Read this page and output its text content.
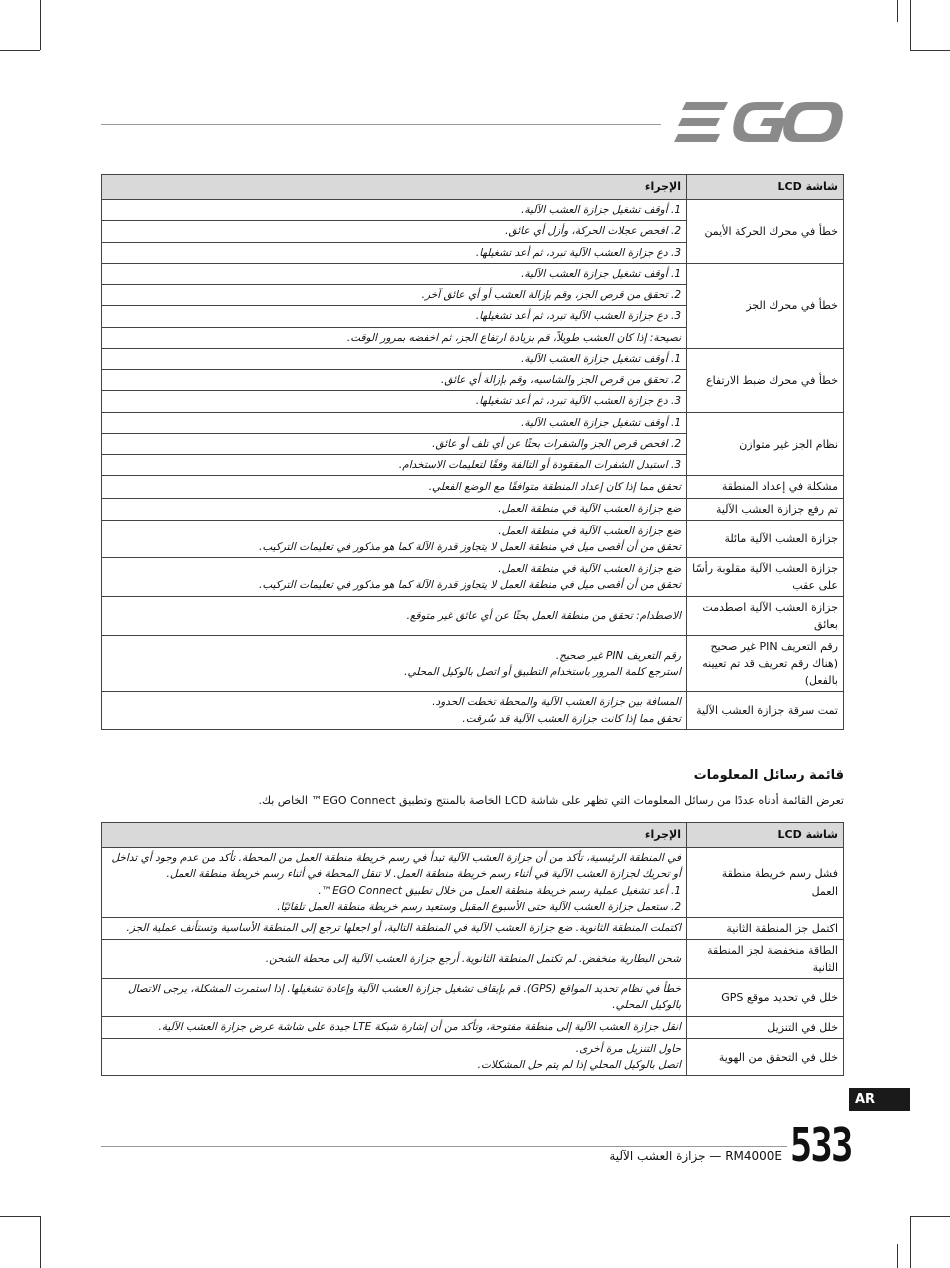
شاشة LCD	الإجراء
خطأ في محرك الحركة الأيمن	1. أوقف تشغيل جزازة العشب الآلية.
	2. افحص عجلات الحركة، وأزل أي عائق.
	3. دع جزازة العشب الآلية تبرد، ثم أعد تشغيلها.
خطأ في محرك الجز	1. أوقف تشغيل جزازة العشب الآلية.
	2. تحقق من قرص الجز، وقم بإزالة العشب أو أي عائق آخر.
	3. دع جزازة العشب الآلية تبرد، ثم أعد تشغيلها.
	نصيحة: إذا كان العشب طويلاً، قم بزيادة ارتفاع الجز، ثم اخفضه بمرور الوقت.
خطأ في محرك ضبط الارتفاع	1. أوقف تشغيل جزازة العشب الآلية.
	2. تحقق من قرص الجز والشاسيه، وقم بإزالة أي عائق.
	3. دع جزازة العشب الآلية تبرد، ثم أعد تشغيلها.
نظام الجز غير متوازن	1. أوقف تشغيل جزازة العشب الآلية.
	2. افحص قرص الجز والشفرات بحثًا عن أي تلف أو عائق.
	3. استبدل الشفرات المفقودة أو التالفة وفقًا لتعليمات الاستخدام.
مشكلة في إعداد المنطقة	تحقق مما إذا كان إعداد المنطقة متوافقًا مع الوضع الفعلي.
تم رفع جزازة العشب الآلية	ضع جزازة العشب الآلية في منطقة العمل.
جزازة العشب الآلية مائلة	ضع جزازة العشب الآلية في منطقة العمل.
تحقق من أن أقصى ميل في منطقة العمل لا يتجاوز قدرة الآلة كما هو مذكور في تعليمات التركيب.
جزازة العشب الآلية مقلوبة رأسًا على عقب	ضع جزازة العشب الآلية في منطقة العمل.
تحقق من أن أقصى ميل في منطقة العمل لا يتجاوز قدرة الآلة كما هو مذكور في تعليمات التركيب.
جزازة العشب الآلية اصطدمت بعائق	الاصطدام: تحقق من منطقة العمل بحثًا عن أي عائق غير متوقع.
رقم التعريف PIN غير صحيح (هناك رقم تعريف قد تم تعيينه بالفعل)	رقم التعريف PIN غير صحيح.
استرجع كلمة المرور باستخدام التطبيق أو اتصل بالوكيل المحلي.
تمت سرقة جزازة العشب الآلية	المسافة بين جزازة العشب الآلية والمحطة تخطت الحدود.
تحقق مما إذا كانت جزازة العشب الآلية قد سُرقت.
قائمة رسائل المعلومات
تعرض القائمة أدناه عددًا من رسائل المعلومات التي تظهر على شاشة LCD الخاصة بالمنتج وتطبيق EGO Connect™ الخاص بك.
شاشة LCD	الإجراء
فشل رسم خريطة منطقة العمل	في المنطقة الرئيسية، تأكد من أن جزازة العشب الآلية تبدأ في رسم خريطة منطقة العمل من المحطة. تأكد من عدم وجود أي تداخل أو تحريك لجزازة العشب الآلية في أثناء رسم خريطة منطقة العمل. لا تنقل المحطة في أثناء رسم خريطة منطقة العمل.
1. أعد تشغيل عملية رسم خريطة منطقة العمل من خلال تطبيق EGO Connect™.
2. ستعمل جزازة العشب الآلية حتى الأسبوع المقبل وستعيد رسم خريطة منطقة العمل تلقائيًا.
اكتمل جز المنطقة الثانية	اكتملت المنطقة الثانوية. ضع جزازة العشب الآلية في المنطقة التالية، أو اجعلها ترجع إلى المنطقة الأساسية وتستأنف عملية الجز.
الطاقة منخفضة لجز المنطقة الثانية	شحن البطارية منخفض. لم تكتمل المنطقة الثانوية. أرجع جزازة العشب الآلية إلى محطة الشحن.
خلل في تحديد موقع GPS	خطأ في نظام تحديد المواقع (GPS). قم بإيقاف تشغيل جزازة العشب الآلية وإعادة تشغيلها. إذا استمرت المشكلة، يرجى الاتصال بالوكيل المحلي.
خلل في التنزيل	انقل جزازة العشب الآلية إلى منطقة مفتوحة، وتأكد من أن إشارة شبكة LTE جيدة على شاشة عرض جزازة العشب الآلية.
خلل في التحقق من الهوية	حاول التنزيل مرة أخرى.
اتصل بالوكيل المحلي إذا لم يتم حل المشكلات.
AR
533
RM4000E — جزازة العشب الآلية
